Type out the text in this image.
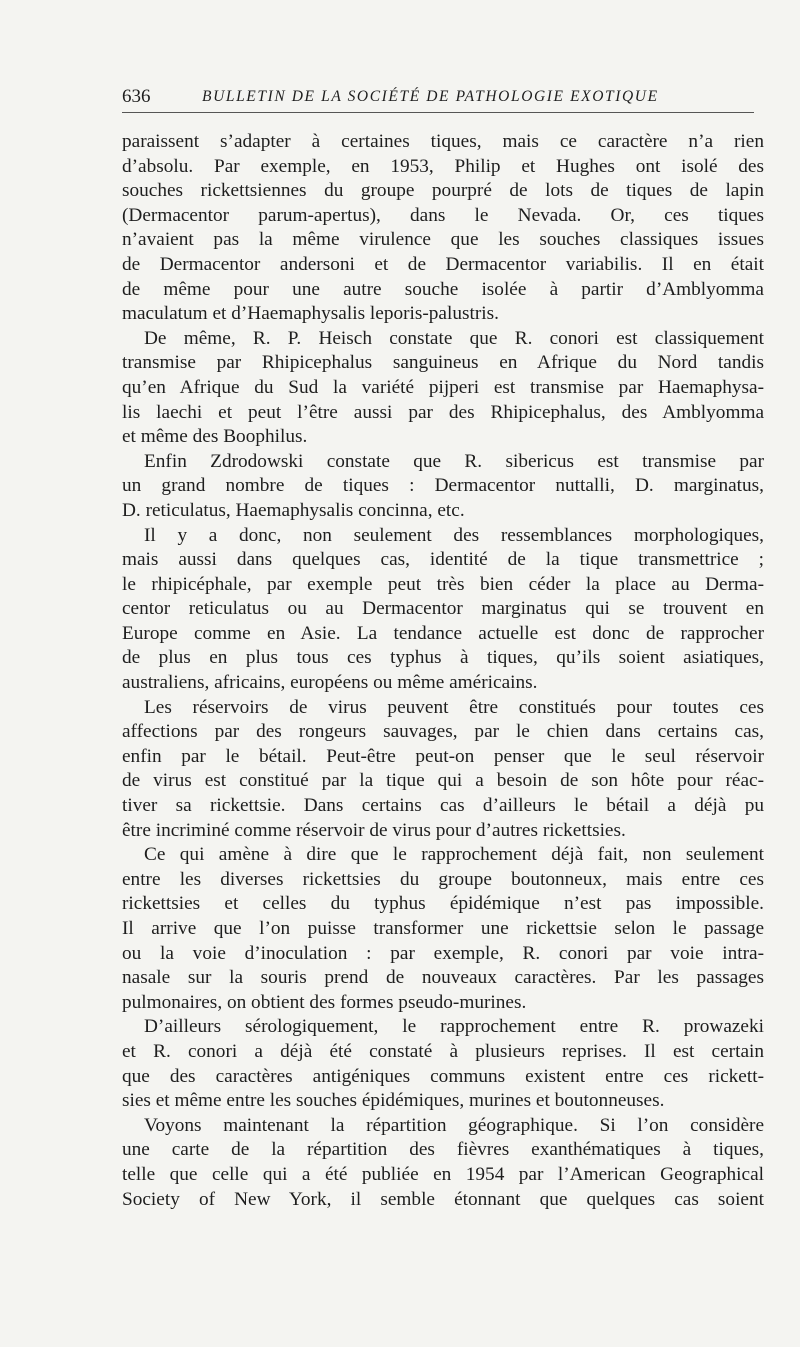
636	BULLETIN DE LA SOCIÉTÉ DE PATHOLOGIE EXOTIQUE

paraissent s’adapter à certaines tiques, mais ce caractère n’a rien
d’absolu. Par exemple, en 1953, Philip et Hughes ont isolé des
souches rickettsiennes du groupe pourpré de lots de tiques de lapin
(Dermacentor parum-apertus), dans le Nevada. Or, ces tiques
n’avaient pas la même virulence que les souches classiques issues
de Dermacentor andersoni et de Dermacentor variabilis. Il en était
de même pour une autre souche isolée à partir d’Amblyomma
maculatum et d’Haemaphysalis leporis-palustris.

De même, R. P. Heisch constate que R. conori est classiquement
transmise par Rhipicephalus sanguineus en Afrique du Nord tandis
qu’en Afrique du Sud la variété pijperi est transmise par Haemaphysa-
lis laechi et peut l’être aussi par des Rhipicephalus, des Amblyomma
et même des Boophilus.

Enfin Zdrodowski constate que R. sibericus est transmise par
un grand nombre de tiques : Dermacentor nuttalli, D. marginatus,
D. reticulatus, Haemaphysalis concinna, etc.

Il y a donc, non seulement des ressemblances morphologiques,
mais aussi dans quelques cas, identité de la tique transmettrice ;
le rhipicéphale, par exemple peut très bien céder la place au Derma-
centor reticulatus ou au Dermacentor marginatus qui se trouvent en
Europe comme en Asie. La tendance actuelle est donc de rapprocher
de plus en plus tous ces typhus à tiques, qu’ils soient asiatiques,
australiens, africains, européens ou même américains.

Les réservoirs de virus peuvent être constitués pour toutes ces
affections par des rongeurs sauvages, par le chien dans certains cas,
enfin par le bétail. Peut-être peut-on penser que le seul réservoir
de virus est constitué par la tique qui a besoin de son hôte pour réac-
tiver sa rickettsie. Dans certains cas d’ailleurs le bétail a déjà pu
être incriminé comme réservoir de virus pour d’autres rickettsies.

Ce qui amène à dire que le rapprochement déjà fait, non seulement
entre les diverses rickettsies du groupe boutonneux, mais entre ces
rickettsies et celles du typhus épidémique n’est pas impossible.
Il arrive que l’on puisse transformer une rickettsie selon le passage
ou la voie d’inoculation : par exemple, R. conori par voie intra-
nasale sur la souris prend de nouveaux caractères. Par les passages
pulmonaires, on obtient des formes pseudo-murines.

D’ailleurs sérologiquement, le rapprochement entre R. prowazeki
et R. conori a déjà été constaté à plusieurs reprises. Il est certain
que des caractères antigéniques communs existent entre ces rickett-
sies et même entre les souches épidémiques, murines et boutonneuses.

Voyons maintenant la répartition géographique. Si l’on considère
une carte de la répartition des fièvres exanthématiques à tiques,
telle que celle qui a été publiée en 1954 par l’American Geographical
Society of New York, il semble étonnant que quelques cas soient
